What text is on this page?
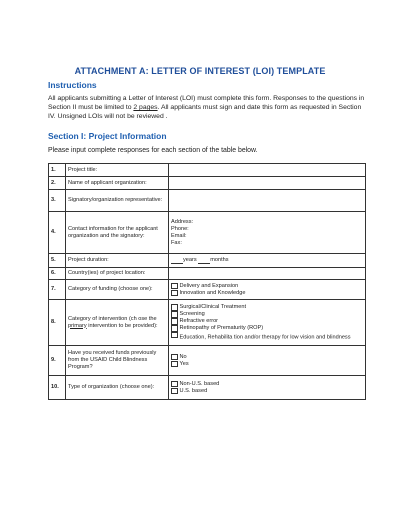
ATTACHMENT A: LETTER OF INTEREST (LOI) TEMPLATE
Instructions
All applicants submitting a Letter of Interest (LOI) must complete this form. Responses to the questions in Section II must be limited to 2 pages. All applicants must sign and date this form as requested in Section IV. Unsigned LOIs will not be reviewed .
Section I: Project Information
Please input complete responses for each section of the table below.
1.	Project title:	
2.	Name of applicant organization:	
3.	Signatory/organization representative:	
4.	Contact information for the applicant organization and the signatory:	Address:
Phone:
Email:
Fax:

5.	Project duration:	years months
6.	Country(ies) of project location:	
7.	Category of funding (choose one):	Delivery and Expansion
Innovation and Knowledge

8.	Category of intervention (ch ose the primary intervention to be provided):	Surgical/Clinical Treatment
Screening
Refractive error
Retinopathy of Prematurity (ROP)
Education, Rehabilita tion and/or therapy for low vision and blindness

9.	Have you received funds previously from the USAID Child Blindness Program?	No
Yes

10.	Type of organization (choose one):	Non-U.S. based
U.S. based
